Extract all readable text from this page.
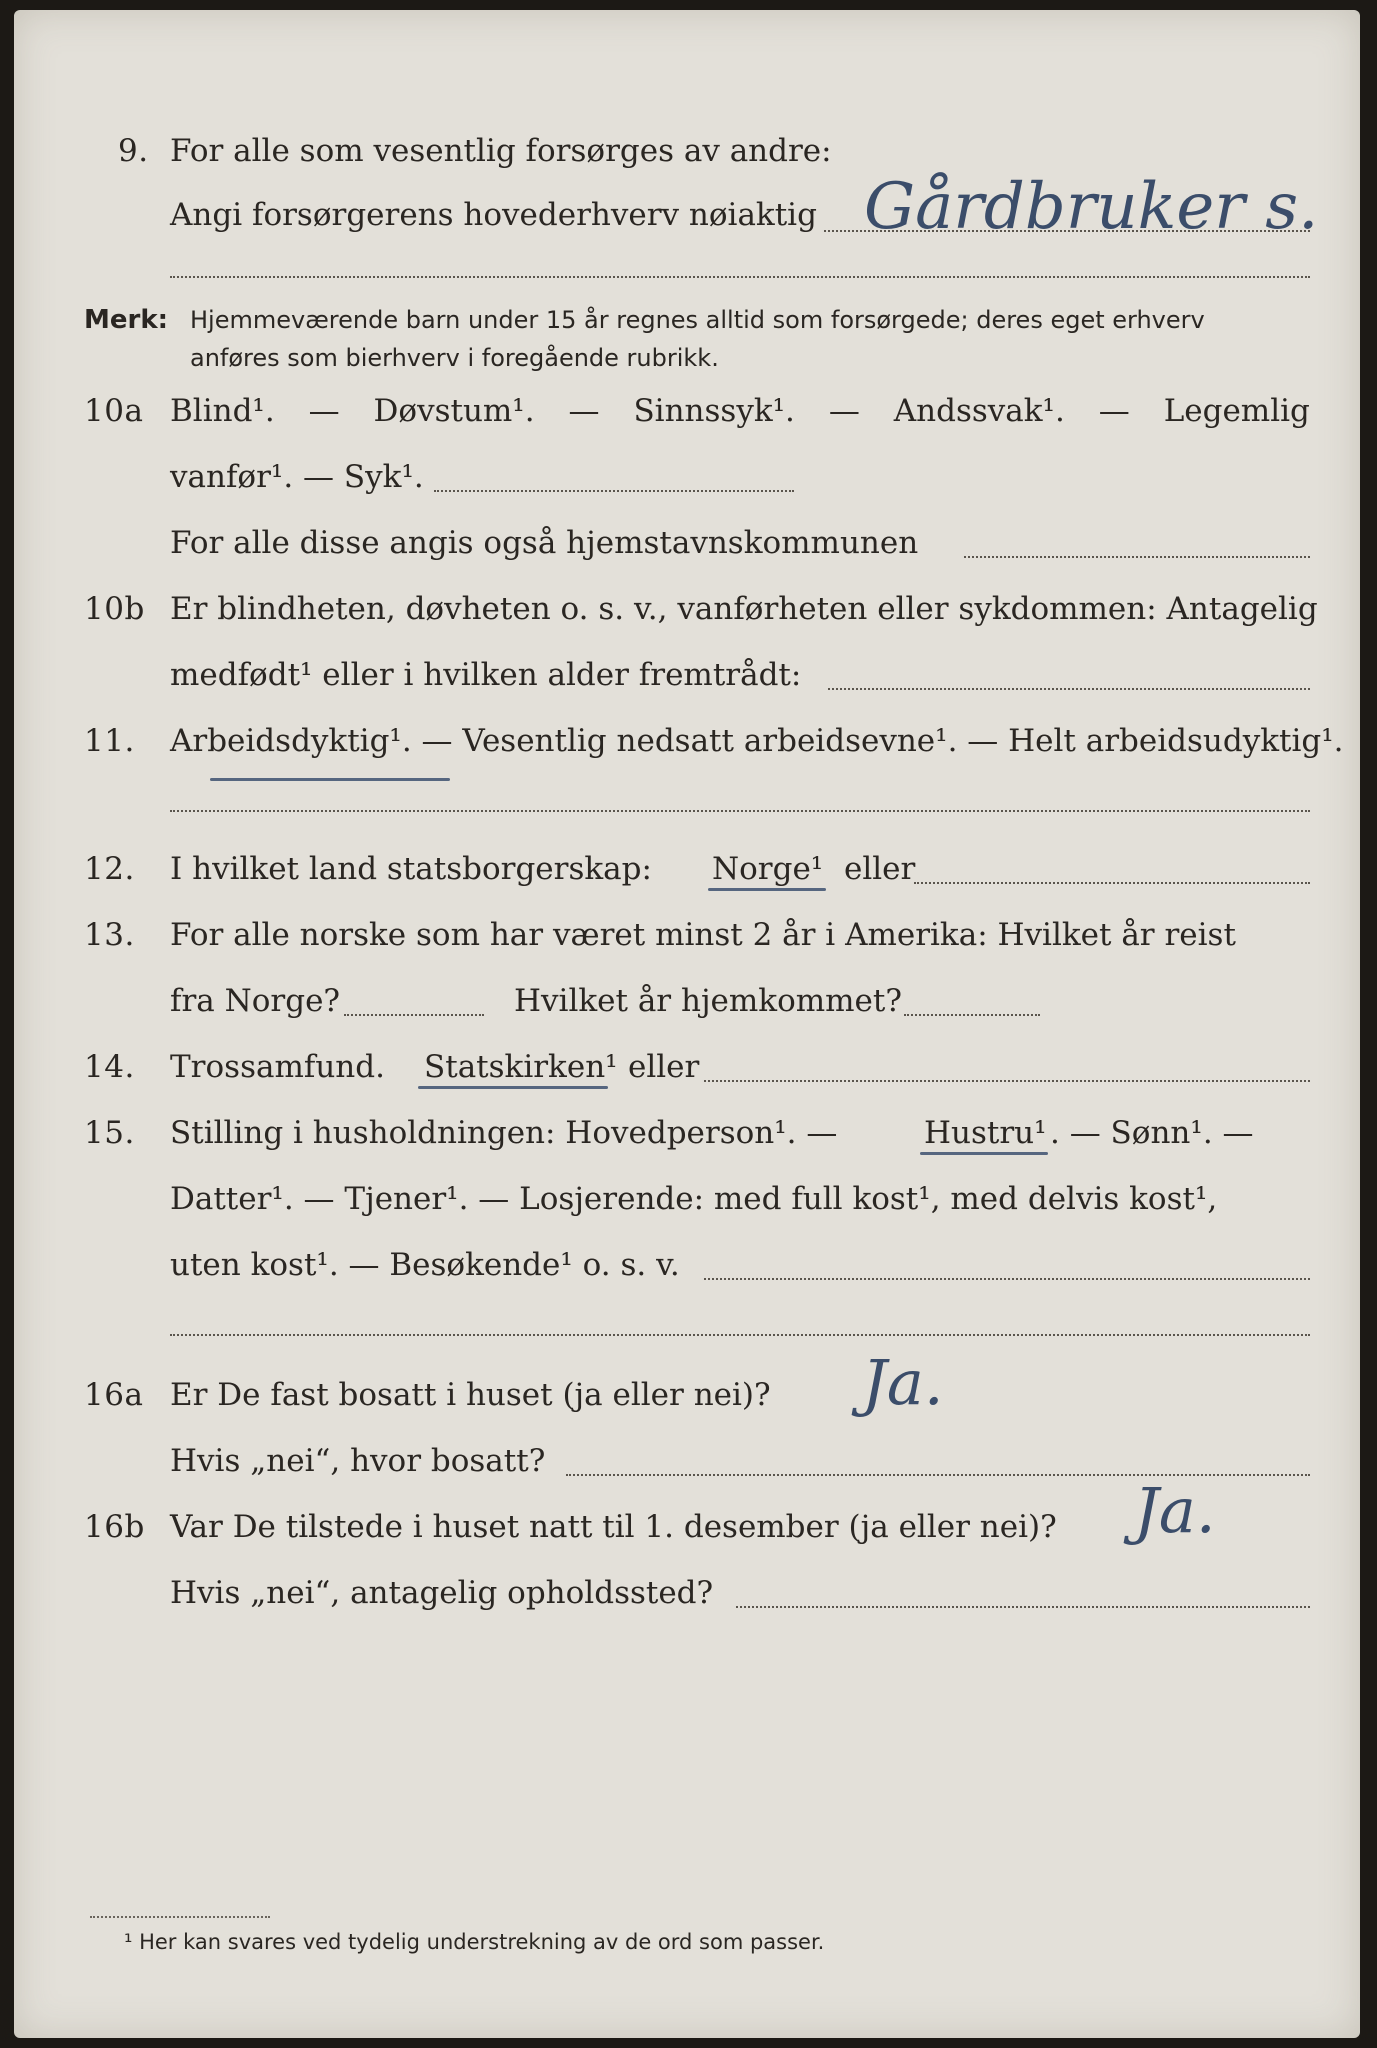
9. For alle som vesentlig forsørges av andre:
Angi forsørgerens hovederhverv nøiaktig Gårdbruker s.
Merk: Hjemmeværende barn under 15 år regnes alltid som forsørgede; deres eget erhverv
anføres som bierhverv i foregående rubrikk.
10a Blind¹. — Døvstum¹. — Sinnssyk¹. — Andssvak¹. — Legemlig
vanfør¹. — Syk¹.
For alle disse angis også hjemstavnskommunen
10b Er blindheten, døvheten o. s. v., vanførheten eller sykdommen: Antagelig
medfødt¹ eller i hvilken alder fremtrådt:
11. Arbeidsdyktig¹. — Vesentlig nedsatt arbeidsevne¹. — Helt arbeidsudyktig¹.
12. I hvilket land statsborgerskap: Norge¹ eller
13. For alle norske som har været minst 2 år i Amerika: Hvilket år reist
fra Norge?	Hvilket år hjemkommet?
14. Trossamfund. Statskirken¹ eller
15. Stilling i husholdningen: Hovedperson¹. —	Hustru¹ . — Sønn¹. —
Datter¹. — Tjener¹. — Losjerende: med full kost¹, med delvis kost¹,
uten kost¹. — Besøkende¹ o. s. v.
16a Er De fast bosatt i huset (ja eller nei)? Ja.
Hvis „nei“, hvor bosatt?
16b Var De tilstede i huset natt til 1. desember (ja eller nei)? Ja.
Hvis „nei“, antagelig opholdssted?
¹ Her kan svares ved tydelig understrekning av de ord som passer.
